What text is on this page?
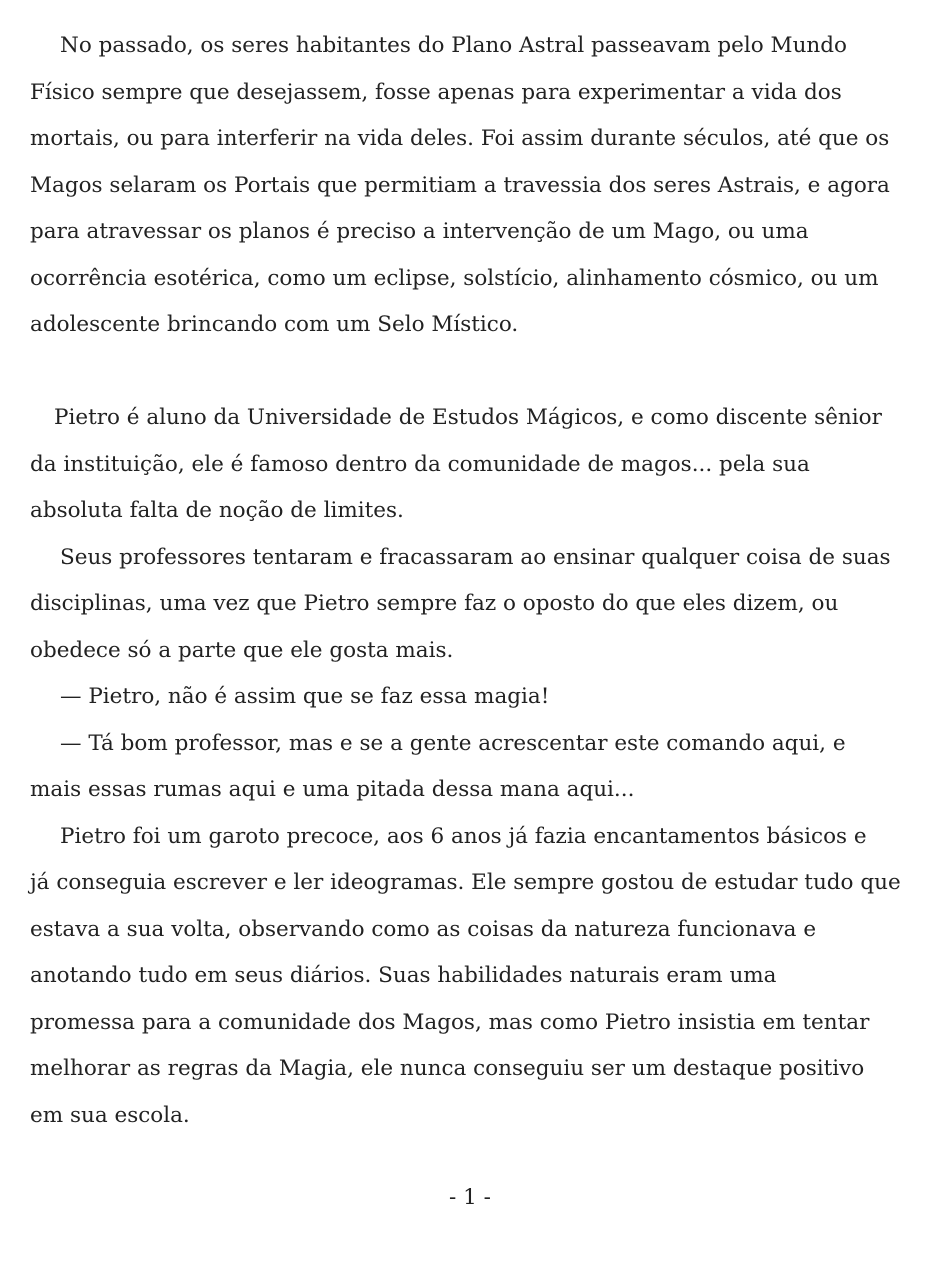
No passado, os seres habitantes do Plano Astral passeavam pelo Mundo
Físico sempre que desejassem, fosse apenas para experimentar a vida dos
mortais, ou para interferir na vida deles. Foi assim durante séculos, até que os
Magos selaram os Portais que permitiam a travessia dos seres Astrais, e agora
para atravessar os planos é preciso a intervenção de um Mago, ou uma
ocorrência esotérica, como um eclipse, solstício, alinhamento cósmico, ou um
adolescente brincando com um Selo Místico.
Pietro é aluno da Universidade de Estudos Mágicos, e como discente sênior
da instituição, ele é famoso dentro da comunidade de magos... pela sua
absoluta falta de noção de limites.
Seus professores tentaram e fracassaram ao ensinar qualquer coisa de suas
disciplinas, uma vez que Pietro sempre faz o oposto do que eles dizem, ou
obedece só a parte que ele gosta mais.
— Pietro, não é assim que se faz essa magia!
— Tá bom professor, mas e se a gente acrescentar este comando aqui, e
mais essas rumas aqui e uma pitada dessa mana aqui...
Pietro foi um garoto precoce, aos 6 anos já fazia encantamentos básicos e
já conseguia escrever e ler ideogramas. Ele sempre gostou de estudar tudo que
estava a sua volta, observando como as coisas da natureza funcionava e
anotando tudo em seus diários. Suas habilidades naturais eram uma
promessa para a comunidade dos Magos, mas como Pietro insistia em tentar
melhorar as regras da Magia, ele nunca conseguiu ser um destaque positivo
em sua escola.
- 1 -
